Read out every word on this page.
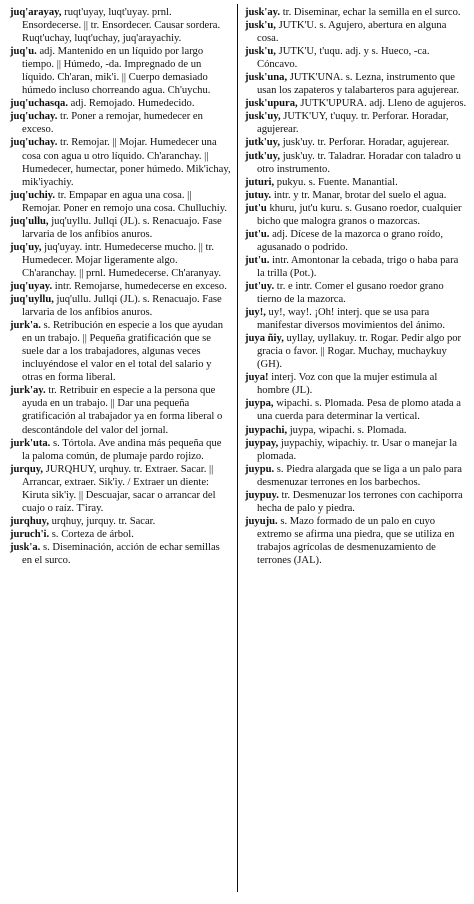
juq'arayay, ruqt'uyay, luqt'uyay. prnl. Ensordecerse. || tr. Ensordecer. Causar sordera. Ruqt'uchay, luqt'uchay, juq'arayachiy.
juq'u. adj. Mantenido en un líquido por largo tiempo. || Húmedo, -da. Impregnado de un líquido. Ch'aran, mik'i. || Cuerpo demasiado húmedo incluso chorreando agua. Ch'uychu.
juq'uchasqa. adj. Remojado. Humedecido.
juq'uchay. tr. Poner a remojar, humedecer en exceso.
juq'uchay. tr. Remojar. || Mojar. Humedecer una cosa con agua u otro líquido. Ch'aranchay. || Humedecer, humectar, poner húmedo. Mik'ichay, mik'iyachiy.
juq'uchiy. tr. Empapar en agua una cosa. || Remojar. Poner en remojo una cosa. Chulluchiy.
juq'ullu, juq'uyllu. Jullqi (JL). s. Renacuajo. Fase larvaria de los anfibios anuros.
juq'uy, juq'uyay. intr. Humedecerse mucho. || tr. Humedecer. Mojar ligeramente algo. Ch'aranchay. || prnl. Humedecerse. Ch'aranyay.
juq'uyay. intr. Remojarse, humedecerse en exceso.
juq'uyllu, juq'ullu. Jullqi (JL). s. Renacuajo. Fase larvaria de los anfibios anuros.
jurk'a. s. Retribución en especie a los que ayudan en un trabajo. || Pequeña gratificación que se suele dar a los trabajadores, algunas veces incluyéndose el valor en el total del salario y otras en forma liberal.
jurk'ay. tr. Retribuir en especie a la persona que ayuda en un trabajo. || Dar una pequeña gratificación al trabajador ya en forma liberal o descontándole del valor del jornal.
jurk'uta. s. Tórtola. Ave andina más pequeña que la paloma común, de plumaje pardo rojizo.
jurquy, JURQHUY, urqhuy. tr. Extraer. Sacar. || Arrancar, extraer. Sik'iy. / Extraer un diente: Kiruta sik'iy. || Descuajar, sacar o arrancar del cuajo o raíz. T'iray.
jurqhuy, urqhuy, jurquy. tr. Sacar.
juruch'i. s. Corteza de árbol.
jusk'a. s. Diseminación, acción de echar semillas en el surco.
jusk'ay. tr. Diseminar, echar la semilla en el surco.
jusk'u, JUTK'U. s. Agujero, abertura en alguna cosa.
jusk'u, JUTK'U, t'uqu. adj. y s. Hueco, -ca. Cóncavo.
jusk'una, JUTK'UNA. s. Lezna, instrumento que usan los zapateros y talabarteros para agujerear.
jusk'upura, JUTK'UPURA. adj. Lleno de agujeros.
jusk'uy, JUTK'UY, t'uquy. tr. Perforar. Horadar, agujerear.
jutk'uy, jusk'uy. tr. Perforar. Horadar, agujerear.
jutk'uy, jusk'uy. tr. Taladrar. Horadar con taladro u otro instrumento.
juturi, pukyu. s. Fuente. Manantial.
jutuy. intr. y tr. Manar, brotar del suelo el agua.
jut'u khuru, jut'u kuru. s. Gusano roedor, cualquier bicho que malogra granos o mazorcas.
jut'u. adj. Dícese de la mazorca o grano roído, agusanado o podrido.
jut'u. intr. Amontonar la cebada, trigo o haba para la trilla (Pot.).
jut'uy. tr. e intr. Comer el gusano roedor grano tierno de la mazorca.
juy!, uy!, way!. ¡Oh! interj. que se usa para manifestar diversos movimientos del ánimo.
juya ñiy, uyllay, uyllakuy. tr. Rogar. Pedir algo por gracia o favor. || Rogar. Muchay, muchaykuy (GH).
juya! interj. Voz con que la mujer estimula al hombre (JL).
juypa, wipachi. s. Plomada. Pesa de plomo atada a una cuerda para determinar la vertical.
juypachi, juypa, wipachi. s. Plomada.
juypay, juypachiy, wipachiy. tr. Usar o manejar la plomada.
juypu. s. Piedra alargada que se liga a un palo para desmenuzar terrones en los barbechos.
juypuy. tr. Desmenuzar los terrones con cachiporra hecha de palo y piedra.
juyuju. s. Mazo formado de un palo en cuyo extremo se afirma una piedra, que se utiliza en trabajos agrícolas de desmenuzamiento de terrones (JAL).
